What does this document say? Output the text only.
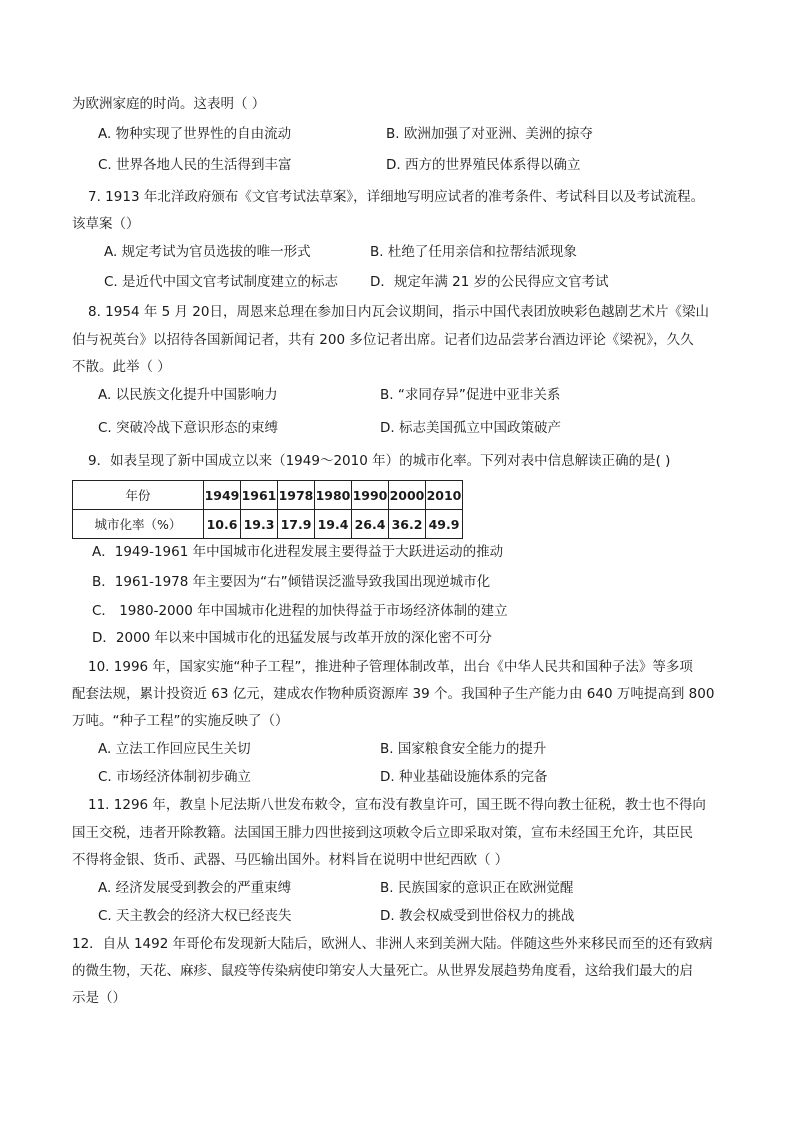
为欧洲家庭的时尚。这表明（ ）
A. 物种实现了世界性的自由流动	B. 欧洲加强了对亚洲、美洲的掠夺
C. 世界各地人民的生活得到丰富	D. 西方的世界殖民体系得以确立
7. 1913 年北洋政府颁布《文官考试法草案》，详细地写明应试者的准考条件、考试科目以及考试流程。
该草案（）
A. 规定考试为官员选拔的唯一形式	B. 杜绝了任用亲信和拉帮结派现象
C. 是近代中国文官考试制度建立的标志 D．规定年满 21 岁的公民得应文官考试
8. 1954 年 5 月 20日，周恩来总理在参加日内瓦会议期间，指示中国代表团放映彩色越剧艺术片《梁山
伯与祝英台》以招待各国新闻记者，共有 200 多位记者出席。记者们边品尝茅台酒边评论《梁祝》，久久
不散。此举（ ）
A. 以民族文化提升中国影响力	B. “求同存异”促进中亚非关系
C. 突破冷战下意识形态的束缚	D. 标志美国孤立中国政策破产
9．如表呈现了新中国成立以来（1949～2010 年）的城市化率。下列对表中信息解读正确的是( )
年份	1949	1961	1978	1980	1990	2000	2010
城市化率（%）	10.6	19.3	17.9	19.4	26.4	36.2	49.9
A．1949-1961 年中国城市化进程发展主要得益于大跃进运动的推动
B．1961-1978 年主要因为“右”倾错误泛滥导致我国出现逆城市化
C． 1980-2000 年中国城市化进程的加快得益于市场经济体制的建立
D．2000 年以来中国城市化的迅猛发展与改革开放的深化密不可分
10. 1996 年，国家实施“种子工程”，推进种子管理体制改革，出台《中华人民共和国种子法》等多项
配套法规，累计投资近 63 亿元，建成农作物种质资源库 39 个。我国种子生产能力由 640 万吨提高到 800
万吨。“种子工程”的实施反映了（）
A. 立法工作回应民生关切	B. 国家粮食安全能力的提升
C. 市场经济体制初步确立	D. 种业基础设施体系的完备
11. 1296 年，教皇卜尼法斯八世发布敕令，宣布没有教皇许可，国王既不得向教士征税，教士也不得向
国王交税，违者开除教籍。法国国王腓力四世接到这项敕令后立即采取对策，宣布未经国王允许，其臣民
不得将金银、货币、武器、马匹输出国外。材料旨在说明中世纪西欧（ ）
A. 经济发展受到教会的严重束缚	B. 民族国家的意识正在欧洲觉醒
C. 天主教会的经济大权已经丧失	D. 教会权威受到世俗权力的挑战
12．自从 1492 年哥伦布发现新大陆后，欧洲人、非洲人来到美洲大陆。伴随这些外来移民而至的还有致病
的微生物，天花、麻疹、鼠疫等传染病使印第安人大量死亡。从世界发展趋势角度看，这给我们最大的启
示是（）
